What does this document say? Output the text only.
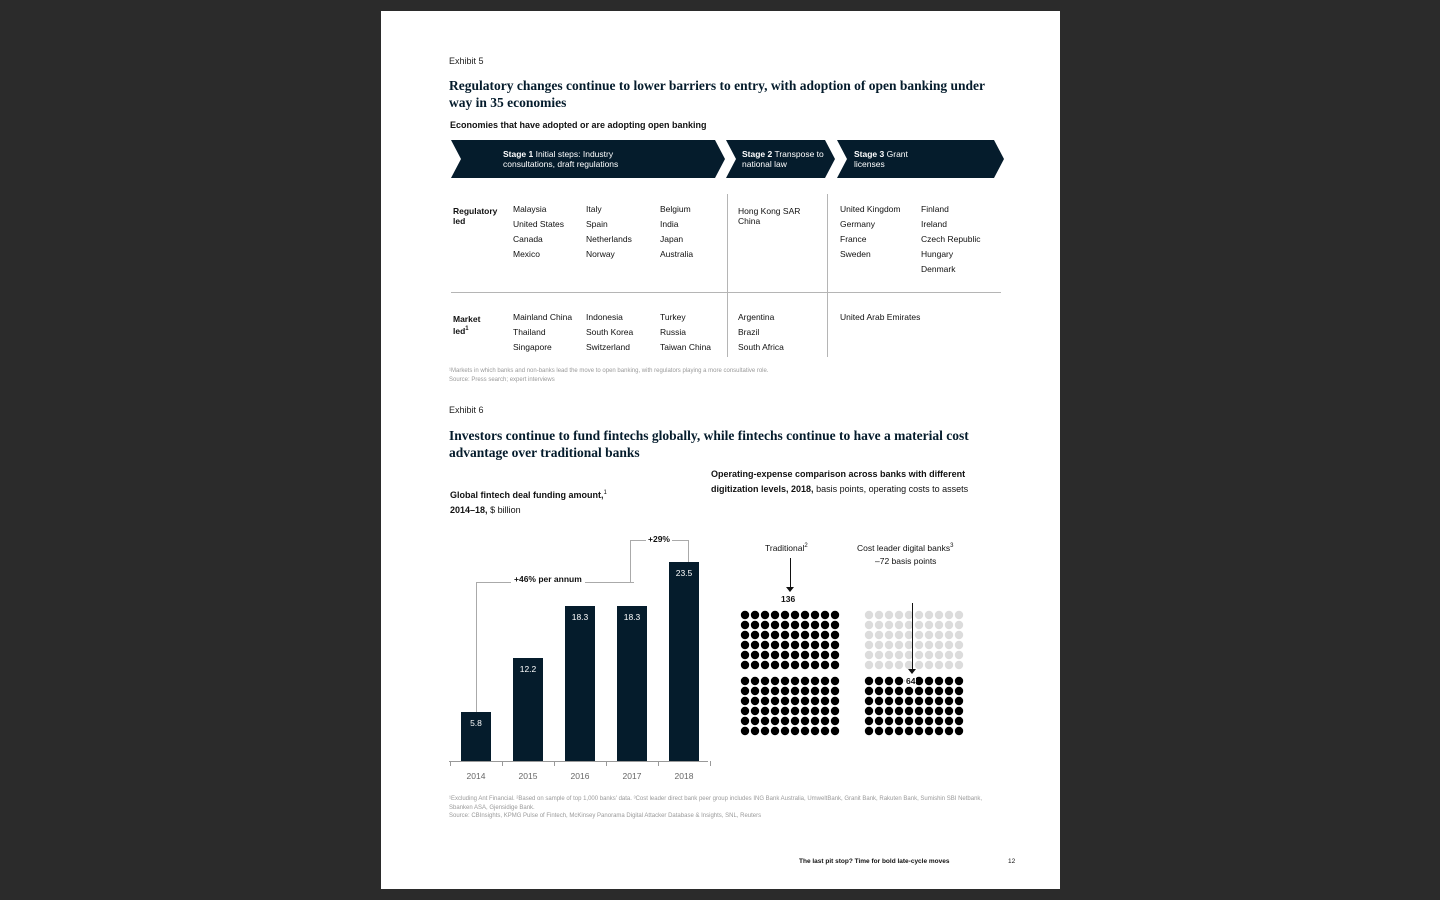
Exhibit 5
Regulatory changes continue to lower barriers to entry, with adoption of open banking under way in 35 economies
Economies that have adopted or are adopting open banking
Stage 1 Initial steps: Industry consultations, draft regulations
Stage 2 Transpose to national law
Stage 3 Grant licenses
Regulatory led
Malaysia
United States
Canada
Mexico
Italy
Spain
Netherlands
Norway
Belgium
India
Japan
Australia
Hong Kong SAR China
United Kingdom
Germany
France
Sweden
Finland
Ireland
Czech Republic
Hungary
Denmark
Market led$^1$
Mainland China
Thailand
Singapore
Indonesia
South Korea
Switzerland
Turkey
Russia
Taiwan China
Argentina
Brazil
South Africa
United Arab Emirates
¹Markets in which banks and non-banks lead the move to open banking, with regulators playing a more consultative role.
Source: Press search; expert interviews
Exhibit 6
Investors continue to fund fintechs globally, while fintechs continue to have a material cost advantage over traditional banks
Global fintech deal funding amount,$^1$
2014–18, $ billion
+46% per annum
+29%
5.8
2014
12.2
2015
18.3
2016
18.3
2017
23.5
2018
Operating-expense comparison across banks with different digitization levels, 2018, basis points, operating costs to assets
Traditional$^2$
136
Cost leader digital banks$^3$
–72 basis points
64
¹Excluding Ant Financial. ²Based on sample of top 1,000 banks' data. ³Cost leader direct bank peer group includes ING Bank Australia, UmweltBank, Granit Bank, Rakuten Bank, Sumishin SBI Netbank, Sbanken ASA, Gjensidige Bank.
Source: CBInsights, KPMG Pulse of Fintech, McKinsey Panorama Digital Attacker Database & Insights, SNL, Reuters
The last pit stop? Time for bold late-cycle moves	12
